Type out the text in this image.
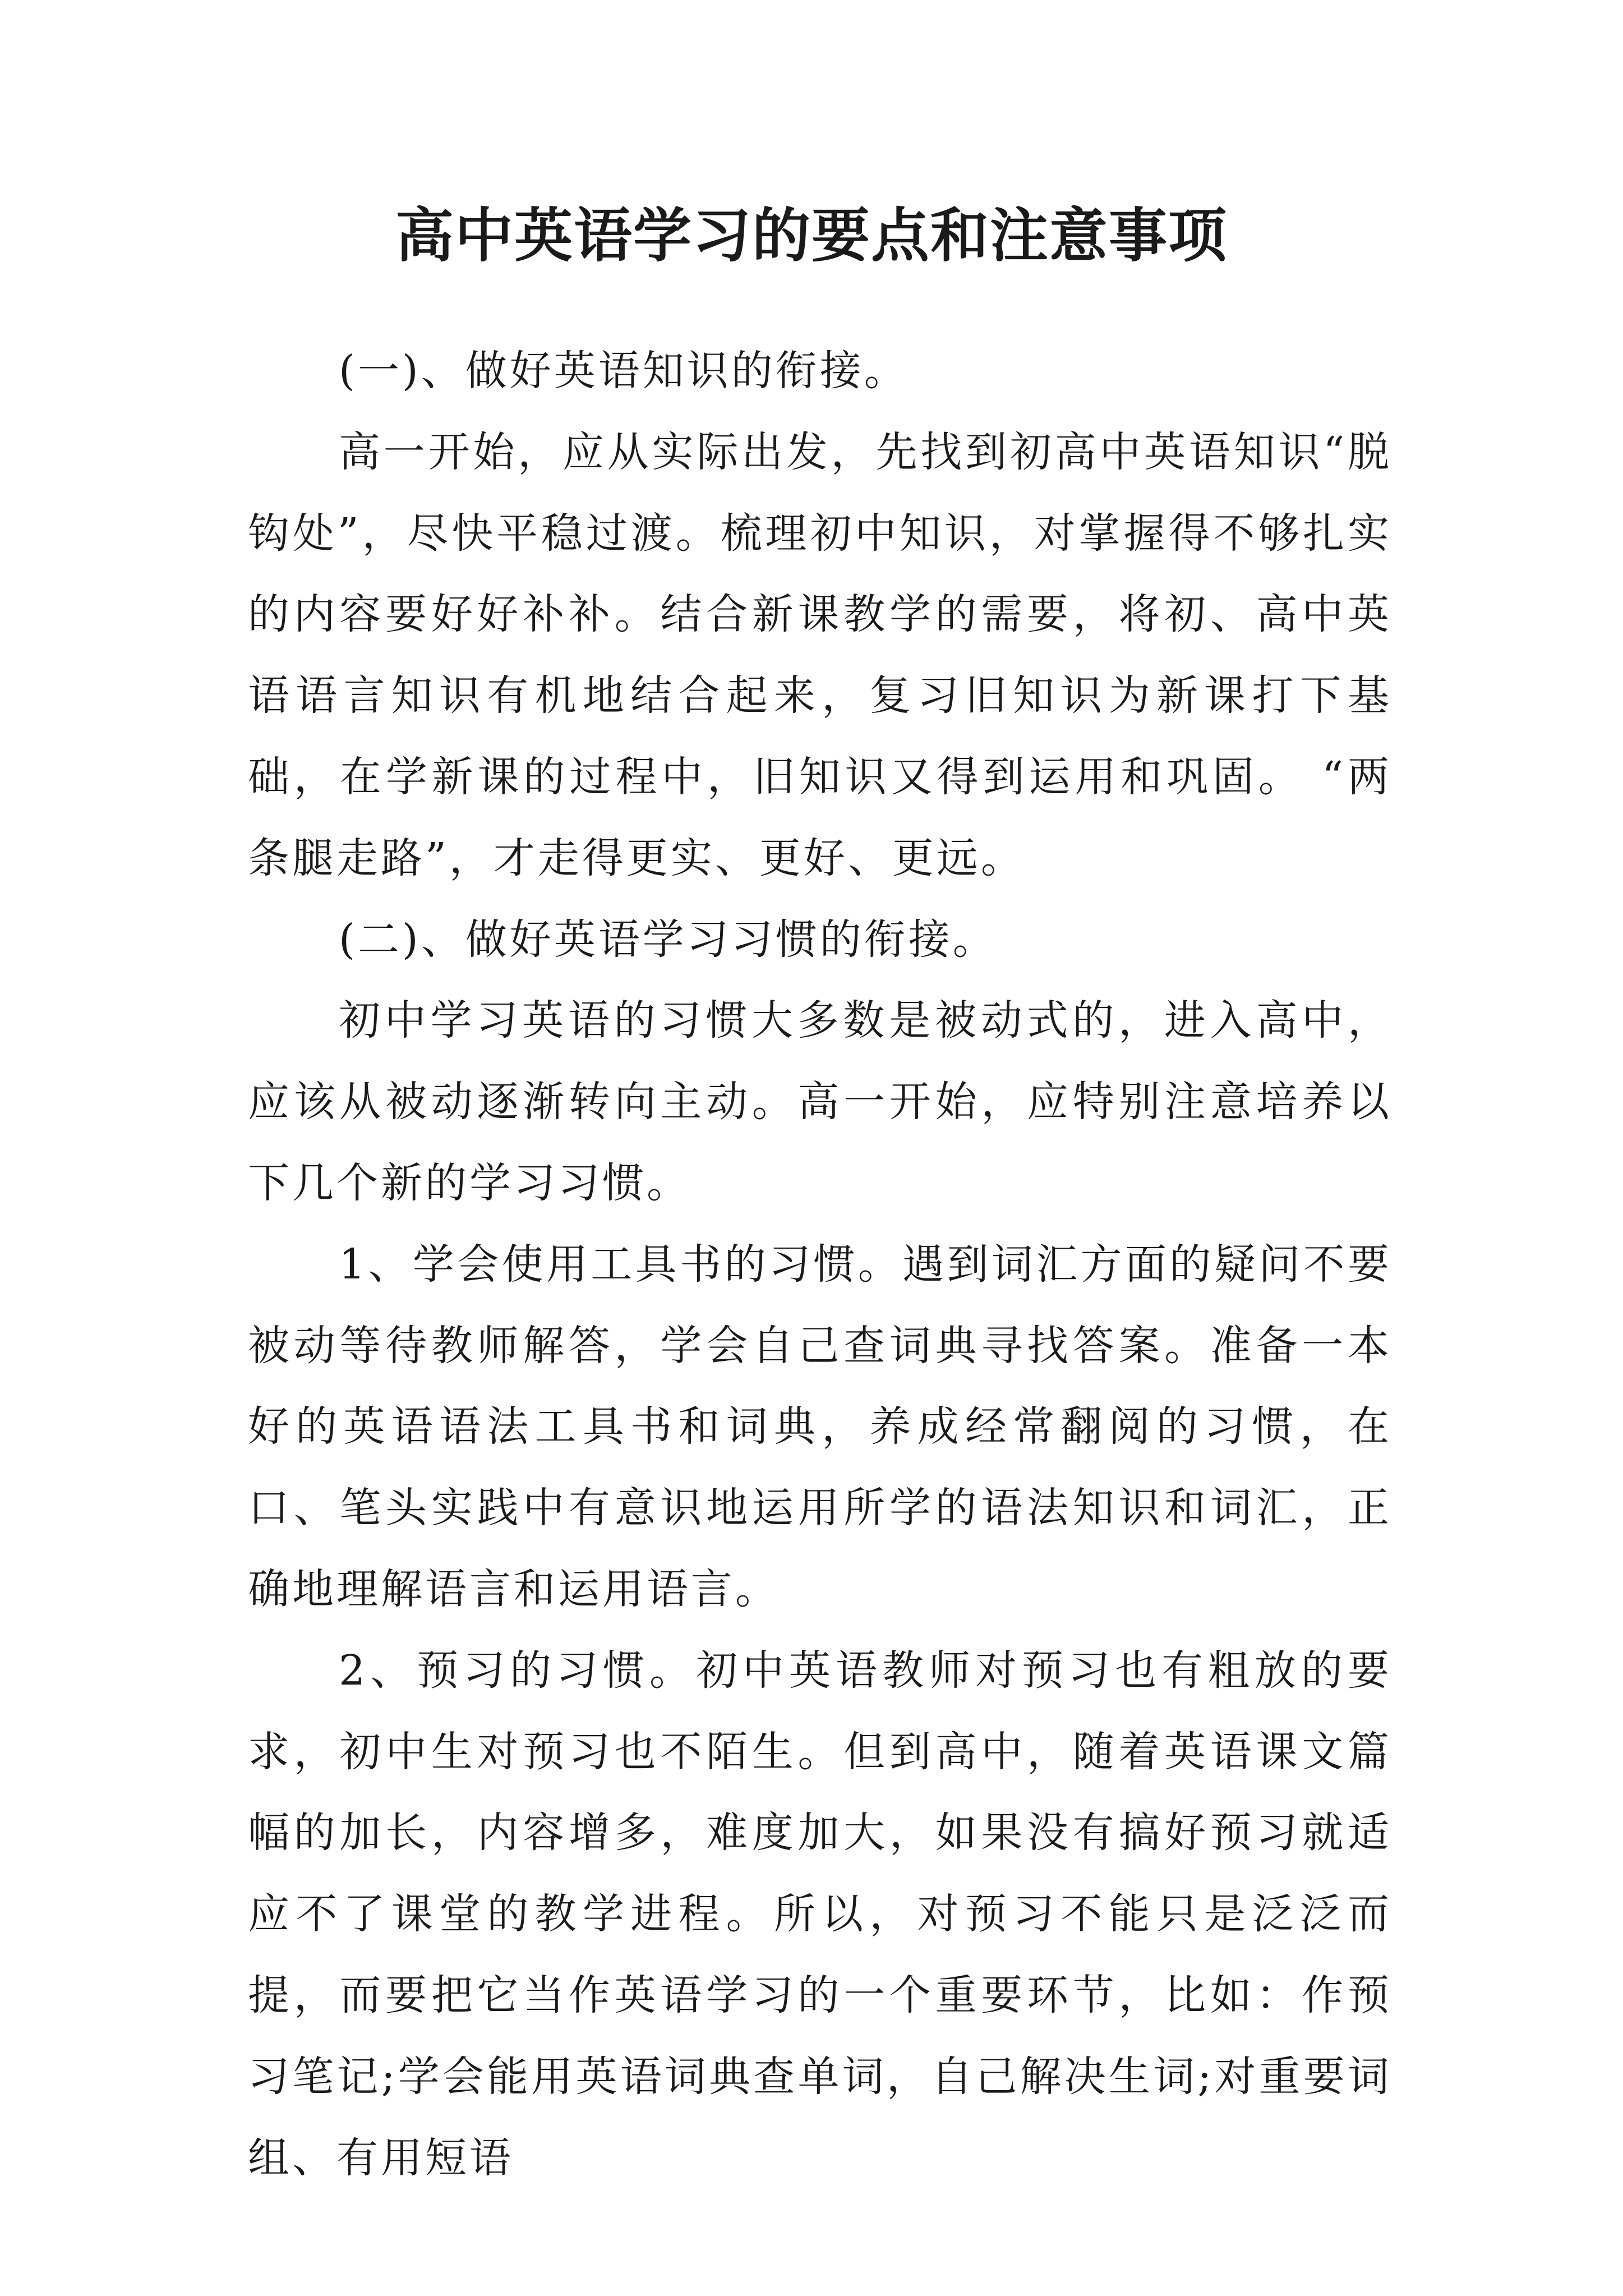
高中英语学习的要点和注意事项

(一)、做好英语知识的衔接。

高一开始，应从实际出发，先找到初高中英语知识“脱钩处”，尽快平稳过渡。梳理初中知识，对掌握得不够扎实的内容要好好补补。结合新课教学的需要，将初、高中英语语言知识有机地结合起来，复习旧知识为新课打下基础，在学新课的过程中，旧知识又得到运用和巩固。 “两条腿走路”，才走得更实、更好、更远。

(二)、做好英语学习习惯的衔接。

初中学习英语的习惯大多数是被动式的，进入高中，应该从被动逐渐转向主动。高一开始，应特别注意培养以下几个新的学习习惯。

1、学会使用工具书的习惯。遇到词汇方面的疑问不要被动等待教师解答，学会自己查词典寻找答案。准备一本好的英语语法工具书和词典，养成经常翻阅的习惯，在口、笔头实践中有意识地运用所学的语法知识和词汇，正确地理解语言和运用语言。

2、预习的习惯。初中英语教师对预习也有粗放的要求，初中生对预习也不陌生。但到高中，随着英语课文篇幅的加长，内容增多，难度加大，如果没有搞好预习就适应不了课堂的教学进程。所以，对预习不能只是泛泛而提，而要把它当作英语学习的一个重要环节，比如：作预习笔记;学会能用英语词典查单词，自己解决生词;对重要词组、有用短语
